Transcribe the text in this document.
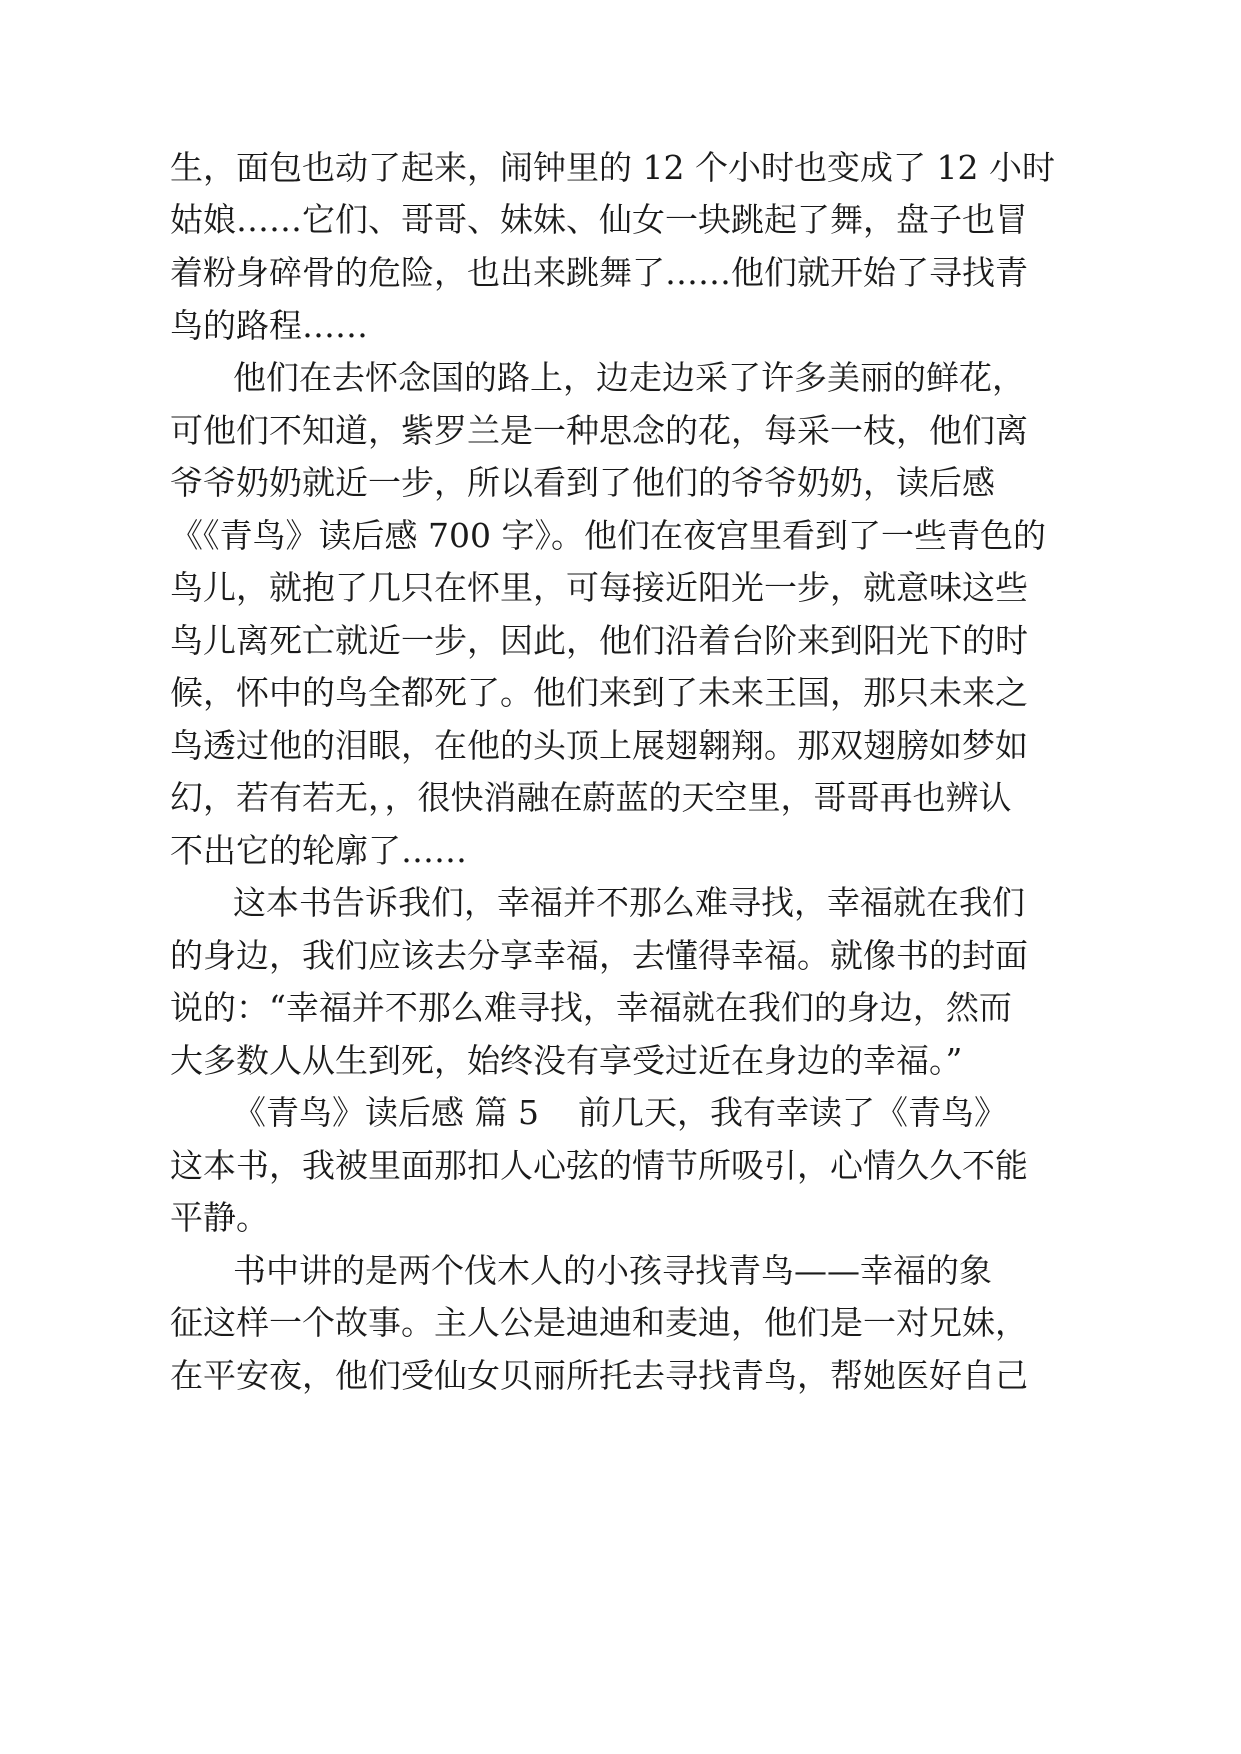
生，面包也动了起来，闹钟里的 12 个小时也变成了 12 小时
姑娘……它们、哥哥、妹妹、仙女一块跳起了舞，盘子也冒
着粉身碎骨的危险，也出来跳舞了……他们就开始了寻找青
鸟的路程……
他们在去怀念国的路上，边走边采了许多美丽的鲜花，
可他们不知道，紫罗兰是一种思念的花，每采一枝，他们离
爷爷奶奶就近一步，所以看到了他们的爷爷奶奶，读后感
《《青鸟》读后感 700 字》。他们在夜宫里看到了一些青色的
鸟儿，就抱了几只在怀里，可每接近阳光一步，就意味这些
鸟儿离死亡就近一步，因此，他们沿着台阶来到阳光下的时
候，怀中的鸟全都死了。他们来到了未来王国，那只未来之
鸟透过他的泪眼，在他的头顶上展翅翱翔。那双翅膀如梦如
幻，若有若无，，很快消融在蔚蓝的天空里，哥哥再也辨认
不出它的轮廓了……
这本书告诉我们，幸福并不那么难寻找，幸福就在我们
的身边，我们应该去分享幸福，去懂得幸福。就像书的封面
说的：“幸福并不那么难寻找，幸福就在我们的身边，然而
大多数人从生到死，始终没有享受过近在身边的幸福。”
《青鸟》读后感 篇 5 前几天，我有幸读了《青鸟》
这本书，我被里面那扣人心弦的情节所吸引，心情久久不能
平静。
书中讲的是两个伐木人的小孩寻找青鸟——幸福的象
征这样一个故事。主人公是迪迪和麦迪，他们是一对兄妹，
在平安夜，他们受仙女贝丽所托去寻找青鸟，帮她医好自己
